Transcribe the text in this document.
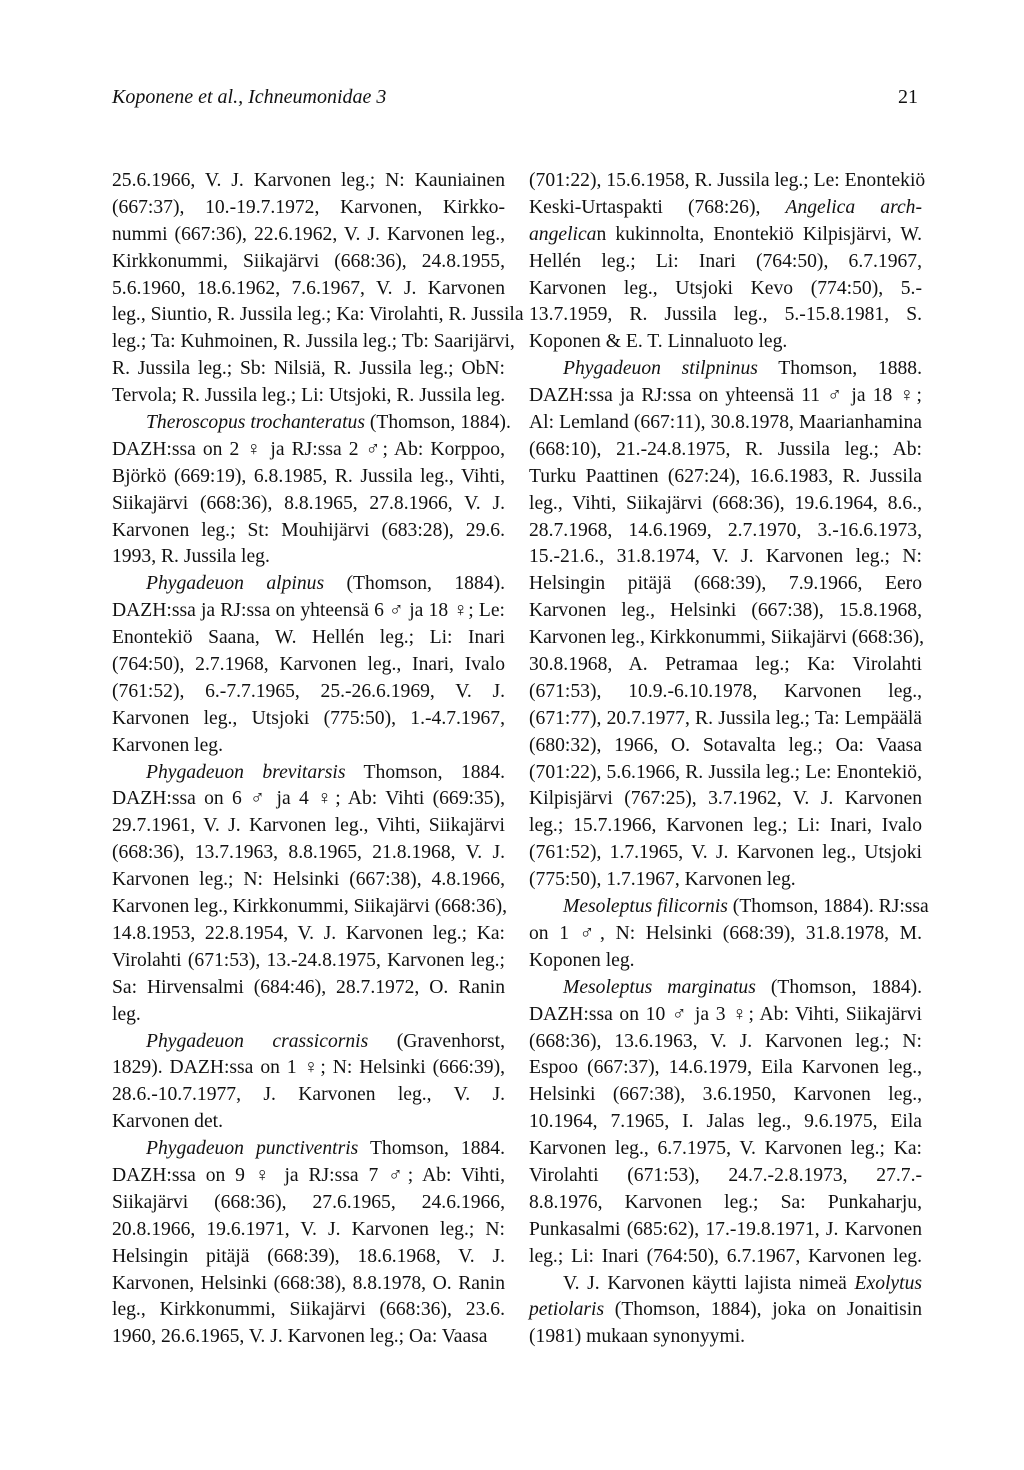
Koponene et al., Ichneumonidae 3	21
25.6.1966, V. J. Karvonen leg.; N: Kauniainen
(667:37), 10.-19.7.1972, Karvonen, Kirkko-
nummi (667:36), 22.6.1962, V. J. Karvonen leg.,
Kirkkonummi, Siikajärvi (668:36), 24.8.1955,
5.6.1960, 18.6.1962, 7.6.1967, V. J. Karvonen
leg., Siuntio, R. Jussila leg.; Ka: Virolahti, R. Jussila
leg.; Ta: Kuhmoinen, R. Jussila leg.; Tb: Saarijärvi,
R. Jussila leg.; Sb: Nilsiä, R. Jussila leg.; ObN:
Tervola; R. Jussila leg.; Li: Utsjoki, R. Jussila leg.
Theroscopus trochanteratus (Thomson, 1884).
DAZH:ssa on 2 ♀ ja RJ:ssa 2 ♂; Ab: Korppoo,
Björkö (669:19), 6.8.1985, R. Jussila leg., Vihti,
Siikajärvi (668:36), 8.8.1965, 27.8.1966, V. J.
Karvonen leg.; St: Mouhijärvi (683:28), 29.6.
1993, R. Jussila leg.
Phygadeuon alpinus (Thomson, 1884).
DAZH:ssa ja RJ:ssa on yhteensä 6 ♂ ja 18 ♀; Le:
Enontekiö Saana, W. Hellén leg.; Li: Inari
(764:50), 2.7.1968, Karvonen leg., Inari, Ivalo
(761:52), 6.-7.7.1965, 25.-26.6.1969, V. J.
Karvonen leg., Utsjoki (775:50), 1.-4.7.1967,
Karvonen leg.
Phygadeuon brevitarsis Thomson, 1884.
DAZH:ssa on 6 ♂ ja 4 ♀; Ab: Vihti (669:35),
29.7.1961, V. J. Karvonen leg., Vihti, Siikajärvi
(668:36), 13.7.1963, 8.8.1965, 21.8.1968, V. J.
Karvonen leg.; N: Helsinki (667:38), 4.8.1966,
Karvonen leg., Kirkkonummi, Siikajärvi (668:36),
14.8.1953, 22.8.1954, V. J. Karvonen leg.; Ka:
Virolahti (671:53), 13.-24.8.1975, Karvonen leg.;
Sa: Hirvensalmi (684:46), 28.7.1972, O. Ranin
leg.
Phygadeuon crassicornis (Gravenhorst,
1829). DAZH:ssa on 1 ♀; N: Helsinki (666:39),
28.6.-10.7.1977, J. Karvonen leg., V. J.
Karvonen det.
Phygadeuon punctiventris Thomson, 1884.
DAZH:ssa on 9 ♀ ja RJ:ssa 7 ♂; Ab: Vihti,
Siikajärvi (668:36), 27.6.1965, 24.6.1966,
20.8.1966, 19.6.1971, V. J. Karvonen leg.; N:
Helsingin pitäjä (668:39), 18.6.1968, V. J.
Karvonen, Helsinki (668:38), 8.8.1978, O. Ranin
leg., Kirkkonummi, Siikajärvi (668:36), 23.6.
1960, 26.6.1965, V. J. Karvonen leg.; Oa: Vaasa
(701:22), 15.6.1958, R. Jussila leg.; Le: Enontekiö
Keski-Urtaspakti (768:26), Angelica arch-
angelican kukinnolta, Enontekiö Kilpisjärvi, W.
Hellén leg.; Li: Inari (764:50), 6.7.1967,
Karvonen leg., Utsjoki Kevo (774:50), 5.-
13.7.1959, R. Jussila leg., 5.-15.8.1981, S.
Koponen & E. T. Linnaluoto leg.
Phygadeuon stilpninus Thomson, 1888.
DAZH:ssa ja RJ:ssa on yhteensä 11 ♂ ja 18 ♀;
Al: Lemland (667:11), 30.8.1978, Maarianhamina
(668:10), 21.-24.8.1975, R. Jussila leg.; Ab:
Turku Paattinen (627:24), 16.6.1983, R. Jussila
leg., Vihti, Siikajärvi (668:36), 19.6.1964, 8.6.,
28.7.1968, 14.6.1969, 2.7.1970, 3.-16.6.1973,
15.-21.6., 31.8.1974, V. J. Karvonen leg.; N:
Helsingin pitäjä (668:39), 7.9.1966, Eero
Karvonen leg., Helsinki (667:38), 15.8.1968,
Karvonen leg., Kirkkonummi, Siikajärvi (668:36),
30.8.1968, A. Petramaa leg.; Ka: Virolahti
(671:53), 10.9.-6.10.1978, Karvonen leg.,
(671:77), 20.7.1977, R. Jussila leg.; Ta: Lempäälä
(680:32), 1966, O. Sotavalta leg.; Oa: Vaasa
(701:22), 5.6.1966, R. Jussila leg.; Le: Enontekiö,
Kilpisjärvi (767:25), 3.7.1962, V. J. Karvonen
leg.; 15.7.1966, Karvonen leg.; Li: Inari, Ivalo
(761:52), 1.7.1965, V. J. Karvonen leg., Utsjoki
(775:50), 1.7.1967, Karvonen leg.
Mesoleptus filicornis (Thomson, 1884). RJ:ssa
on 1 ♂, N: Helsinki (668:39), 31.8.1978, M.
Koponen leg.
Mesoleptus marginatus (Thomson, 1884).
DAZH:ssa on 10 ♂ ja 3 ♀; Ab: Vihti, Siikajärvi
(668:36), 13.6.1963, V. J. Karvonen leg.; N:
Espoo (667:37), 14.6.1979, Eila Karvonen leg.,
Helsinki (667:38), 3.6.1950, Karvonen leg.,
10.1964, 7.1965, I. Jalas leg., 9.6.1975, Eila
Karvonen leg., 6.7.1975, V. Karvonen leg.; Ka:
Virolahti (671:53), 24.7.-2.8.1973, 27.7.-
8.8.1976, Karvonen leg.; Sa: Punkaharju,
Punkasalmi (685:62), 17.-19.8.1971, J. Karvonen
leg.; Li: Inari (764:50), 6.7.1967, Karvonen leg.
V. J. Karvonen käytti lajista nimeä Exolytus
petiolaris (Thomson, 1884), joka on Jonaitisin
(1981) mukaan synonyymi.
